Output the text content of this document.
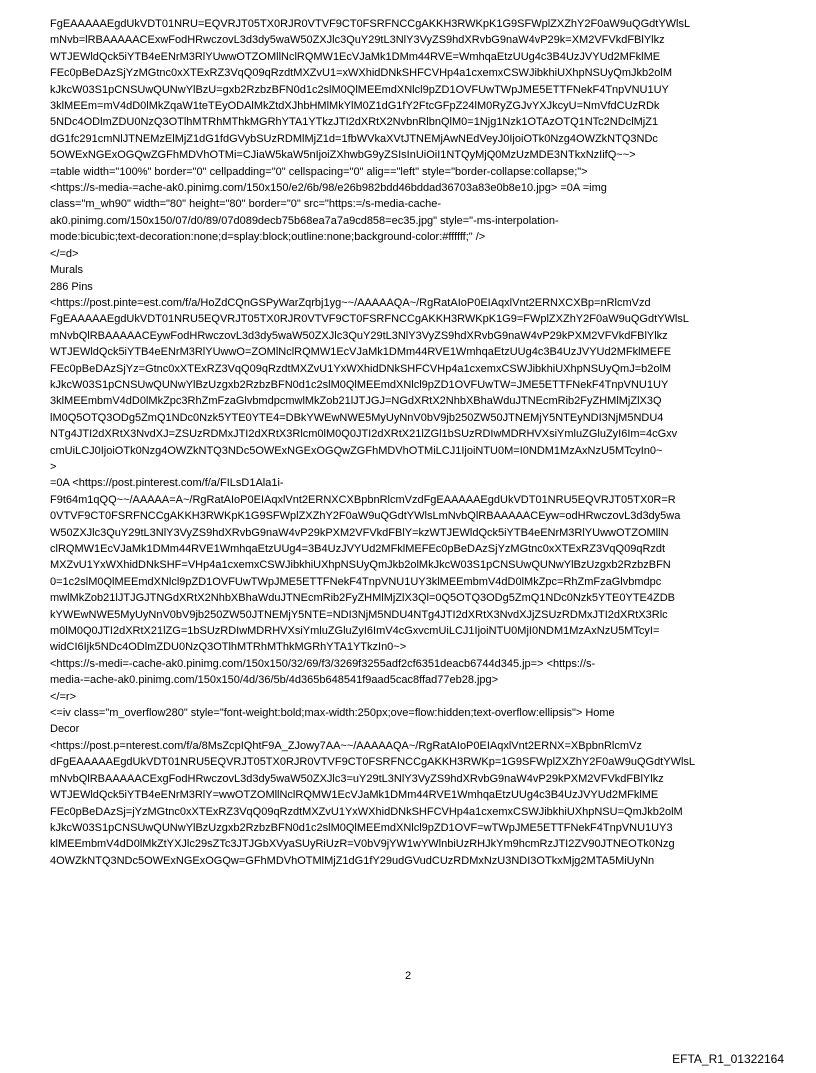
FgEAAAAAEgdUkVDT01NRU=EQVRJT05TX0RJR0VTVF9CT0FSRFNCCgAKKH3RWKpK1G9SFWplZXZhY2F0aW9uQGdtYWlsL
mNvb=lRBAAAAACExwFodHRwczovL3d3dy5waW50ZXJlc3QuY29tL3NlY3VyZS9hdXRvbG9naW4vP29k=XM2VFVkdFBlYlkz
WTJEWldQck5iYTB4eENrM3RlYUwwOTZOMllNclRQMW1EcVJaMk1DMm44RVE=WmhqaEtzUUg4c3B4UzJVYUd2MFklME
FEc0pBeDAzSjYzMGtnc0xXTExRZ3VqQ09qRzdtMXZvU1=xWXhidDNkSHFCVHp4a1cxemxCSWJibkhiUXhpNSUyQmJkb2olM
kJkcW03S1pCNSUwQUNwYlBzU=gxb2RzbzBFN0d1c2slM0QlMEEmdXNlcl9pZD1OVFUwTWpJME5ETTFNekF4TnpVNU1UY
3klMEEm=mV4dD0lMkZqaW1teTEyODAlMkZtdXJhbHMlMkYlM0Z1dG1fY2FtcGFpZ24lM0RyZGJvYXJkcyU=NmVfdCUzRDk
5NDc4ODlmZDU0NzQ3OTlhMTRhMThkMGRhYTA1YTkzJTI2dXRtX2NvbnRlbnQlM0=1Njg1Nzk1OTAzOTQ1NTc2NDclMjZ1
dG1fc291cmNlJTNEMzElMjZ1dG1fdGVybSUzRDMlMjZ1d=1fbWVkaXVtJTNEMjAwNEdVeyJ0IjoiOTk0Nzg4OWZkNTQ3NDc
5OWExNGExOGQwZGFhMDVhOTMi=CJiaW5kaW5nIjoiZXhwbG9yZSIsInUiOiI1NTQyMjQ0MzUzMDE3NTkxNzIifQ~~>
=table width="100%" border="0" cellpadding="0" cellspacing="0" alig=="left" style="border-collapse:collapse;">
<https://s-media-=ache-ak0.pinimg.com/150x150/e2/6b/98/e26b982bdd46bddad36703a83e0b8e10.jpg> =0A =img
class="m_wh90" width="80" height="80" border="0" src="https:=/s-media-cache-
ak0.pinimg.com/150x150/07/d0/89/07d089decb75b68ea7a7a9cd858=ec35.jpg" style="-ms-interpolation-
mode:bicubic;text-decoration:none;d=splay:block;outline:none;background-color:#ffffff;" />
</=d>
Murals
286 Pins
<https://post.pinte=est.com/f/a/HoZdCQnGSPyWarZqrbj1yg~~/AAAAAQA~/RgRatAIoP0EIAqxlVnt2ERNXCXBp=nRlcmVzd
FgEAAAAAEgdUkVDT01NRU5EQVRJT05TX0RJR0VTVF9CT0FSRFNCCgAKKH3RWKpK1G9=FWplZXZhY2F0aW9uQGdtYWlsL
mNvbQlRBAAAAACEywFodHRwczovL3d3dy5waW50ZXJlc3QuY29tL3NlY3VyZS9hdXRvbG9naW4vP29kPXM2VFVkdFBlYlkz
WTJEWldQck5iYTB4eENrM3RlYUwwO=ZOMlNclRQMW1EcVJaMk1DMm44RVE1WmhqaEtzUUg4c3B4UzJVYUd2MFklMEFE
FEc0pBeDAzSjYz=Gtnc0xXTExRZ3VqQ09qRzdtMXZvU1YxWXhidDNkSHFCVHp4a1cxemxCSWJibkhiUXhpNSUyQmJ=b2olM
kJkcW03S1pCNSUwQUNwYlBzUzgxb2RzbzBFN0d1c2slM0QlMEEmdXNlcl9pZD1OVFUwTW=JME5ETTFNekF4TnpVNU1UY
3klMEEmbmV4dD0lMkZpc3RhZmFzaGlvbmdpcmwlMkZob21lJTJGJ=NGdXRtX2NhbXBhaWduJTNEcmRib2FyZHMlMjZlX3Q
lM0Q5OTQ3ODg5ZmQ1NDc0Nzk5YTE0YTE4=DBkYWEwNWE5MyUyNnV0bV9jb250ZW50JTNEMjY5NTEyNDI3NjM5NDU4
NTg4JTI2dXRtX3NvdXJ=ZSUzRDMxJTI2dXRtX3Rlcm0lM0Q0JTI2dXRtX21lZGl1bSUzRDIwMDRHVXsiYmluZGluZyI6Im=4cGxv
cmUiLCJ0IjoiOTk0Nzg4OWZkNTQ3NDc5OWExNGExOGQwZGFhMDVhOTMiLCJ1IjoiNTU0M=I0NDM1MzAxNzU5MTcyIn0~
>
=0A <https://post.pinterest.com/f/a/FILsD1Ala1i-
F9t64m1qQQ~~/AAAAA=A~/RgRatAIoP0EIAqxlVnt2ERNXCXBpbnRlcmVzdFgEAAAAAEgdUkVDT01NRU5EQVRJT05TX0R=R
0VTVF9CT0FSRFNCCgAKKH3RWKpK1G9SFWplZXZhY2F0aW9uQGdtYWlsLmNvbQlRBAAAAACEyw=odHRwczovL3d3dy5wa
W50ZXJlc3QuY29tL3NlY3VyZS9hdXRvbG9naW4vP29kPXM2VFVkdFBlY=kzWTJEWldQck5iYTB4eENrM3RlYUwwOTZOMllN
clRQMW1EcVJaMk1DMm44RVE1WmhqaEtzUUg4=3B4UzJVYUd2MFklMEFEc0pBeDAzSjYzMGtnc0xXTExRZ3VqQ09qRzdt
MXZvU1YxWXhidDNkSHF=VHp4a1cxemxCSWJibkhiUXhpNSUyQmJkb2olMkJkcW03S1pCNSUwQUNwYlBzUzgxb2RzbzBFN
0=1c2slM0QlMEEmdXNlcl9pZD1OVFUwTWpJME5ETTFNekF4TnpVNU1UY3klMEEmbmV4dD0lMkZpc=RhZmFzaGlvbmdpc
mwlMkZob21lJTJGJTNGdXRtX2NhbXBhaWduJTNEcmRib2FyZHMlMjZlX3Ql=0Q5OTQ3ODg5ZmQ1NDc0Nzk5YTE0YTE4ZDB
kYWEwNWE5MyUyNnV0bV9jb250ZW50JTNEMjY5NTE=NDI3NjM5NDU4NTg4JTI2dXRtX3NvdXJjZSUzRDMxJTI2dXRtX3Rlc
m0lM0Q0JTI2dXRtX21lZG=1bSUzRDIwMDRHVXsiYmluZGluZyI6ImV4cGxvcmUiLCJ1IjoiNTU0MjI0NDM1MzAxNzU5MTcyI=
widCI6Ijk5NDc4ODlmZDU0NzQ3OTlhMTRhMThkMGRhYTA1YTkzIn0~>
<https://s-medi=-cache-ak0.pinimg.com/150x150/32/69/f3/3269f3255adf2cf6351deacb6744d345.jp=> <https://s-
media-=ache-ak0.pinimg.com/150x150/4d/36/5b/4d365b648541f9aad5cac8ffad77eb28.jpg>
</=r>
<=iv class="m_overflow280" style="font-weight:bold;max-width:250px;ove=flow:hidden;text-overflow:ellipsis"> Home
Decor
<https://post.p=nterest.com/f/a/8MsZcpIQhtF9A_ZJowy7AA~~/AAAAAQA~/RgRatAIoP0EIAqxlVnt2ERNX=XBpbnRlcmVz
dFgEAAAAAEgdUkVDT01NRU5EQVRJT05TX0RJR0VTVF9CT0FSRFNCCgAKKH3RWKp=1G9SFWplZXZhY2F0aW9uQGdtYWlsL
mNvbQlRBAAAAACExgFodHRwczovL3d3dy5waW50ZXJlc3=uY29tL3NlY3VyZS9hdXRvbG9naW4vP29kPXM2VFVkdFBlYlkz
WTJEWldQck5iYTB4eENrM3RlY=wwOTZOMllNclRQMW1EcVJaMk1DMm44RVE1WmhqaEtzUUg4c3B4UzJVYUd2MFklME
FEc0pBeDAzSj=jYzMGtnc0xXTExRZ3VqQ09qRzdtMXZvU1YxWXhidDNkSHFCVHp4a1cxemxCSWJibkhiUXhpNSU=QmJkb2olM
kJkcW03S1pCNSUwQUNwYlBzUzgxb2RzbzBFN0d1c2slM0QlMEEmdXNlcl9pZD1OVF=wTWpJME5ETTFNekF4TnpVNU1UY3
klMEEmbmV4dD0lMkZtYXJlc29sZTc3JTJGbXVyaSUyRiUzR=V0bV9jYW1wYWlnbiUzRHJkYm9hcmRzJTI2ZV90JTNEOTk0Nzg
4OWZkNTQ3NDc5OWExNGExOGQw=GFhMDVhOTMlMjZ1dG1fY29udGVudCUzRDMxNzU3NDI3OTkxMjg2MTA5MiUyNn
2
EFTA_R1_01322164
